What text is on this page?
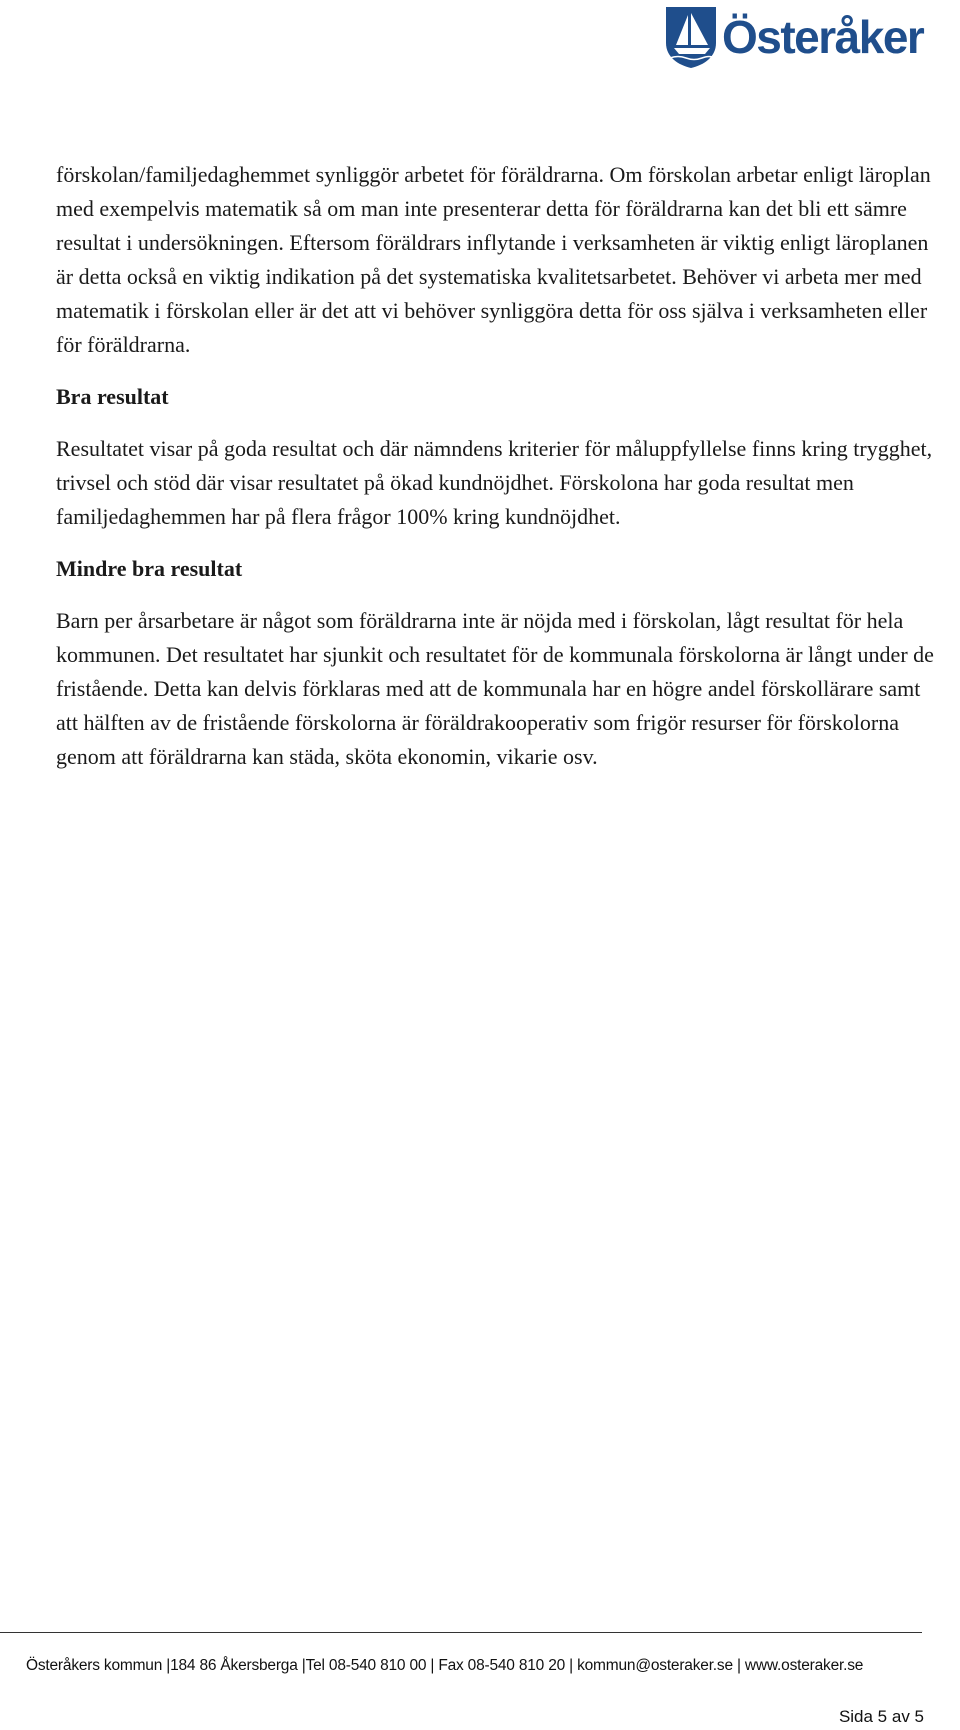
Österåker

förskolan/familjedaghemmet synliggör arbetet för föräldrarna. Om förskolan arbetar enligt läroplan med exempelvis matematik så om man inte presenterar detta för föräldrarna kan det bli ett sämre resultat i undersökningen. Eftersom föräldrars inflytande i verksamheten är viktig enligt läroplanen är detta också en viktig indikation på det systematiska kvalitetsarbetet. Behöver vi arbeta mer med matematik i förskolan eller är det att vi behöver synliggöra detta för oss själva i verksamheten eller för föräldrarna.

Bra resultat

Resultatet visar på goda resultat och där nämndens kriterier för måluppfyllelse finns kring trygghet, trivsel och stöd där visar resultatet på ökad kundnöjdhet. Förskolona har goda resultat men familjedaghemmen har på flera frågor 100% kring kundnöjdhet.

Mindre bra resultat

Barn per årsarbetare är något som föräldrarna inte är nöjda med i förskolan, lågt resultat för hela kommunen. Det resultatet har sjunkit och resultatet för de kommunala förskolorna är långt under de fristående. Detta kan delvis förklaras med att de kommunala har en högre andel förskollärare samt att hälften av de fristående förskolorna är föräldrakooperativ som frigör resurser för förskolorna genom att föräldrarna kan städa, sköta ekonomin, vikarie osv.

Österåkers kommun |184 86 Åkersberga |Tel 08-540 810 00 | Fax 08-540 810 20 | kommun@osteraker.se | www.osteraker.se
Sida 5 av 5
